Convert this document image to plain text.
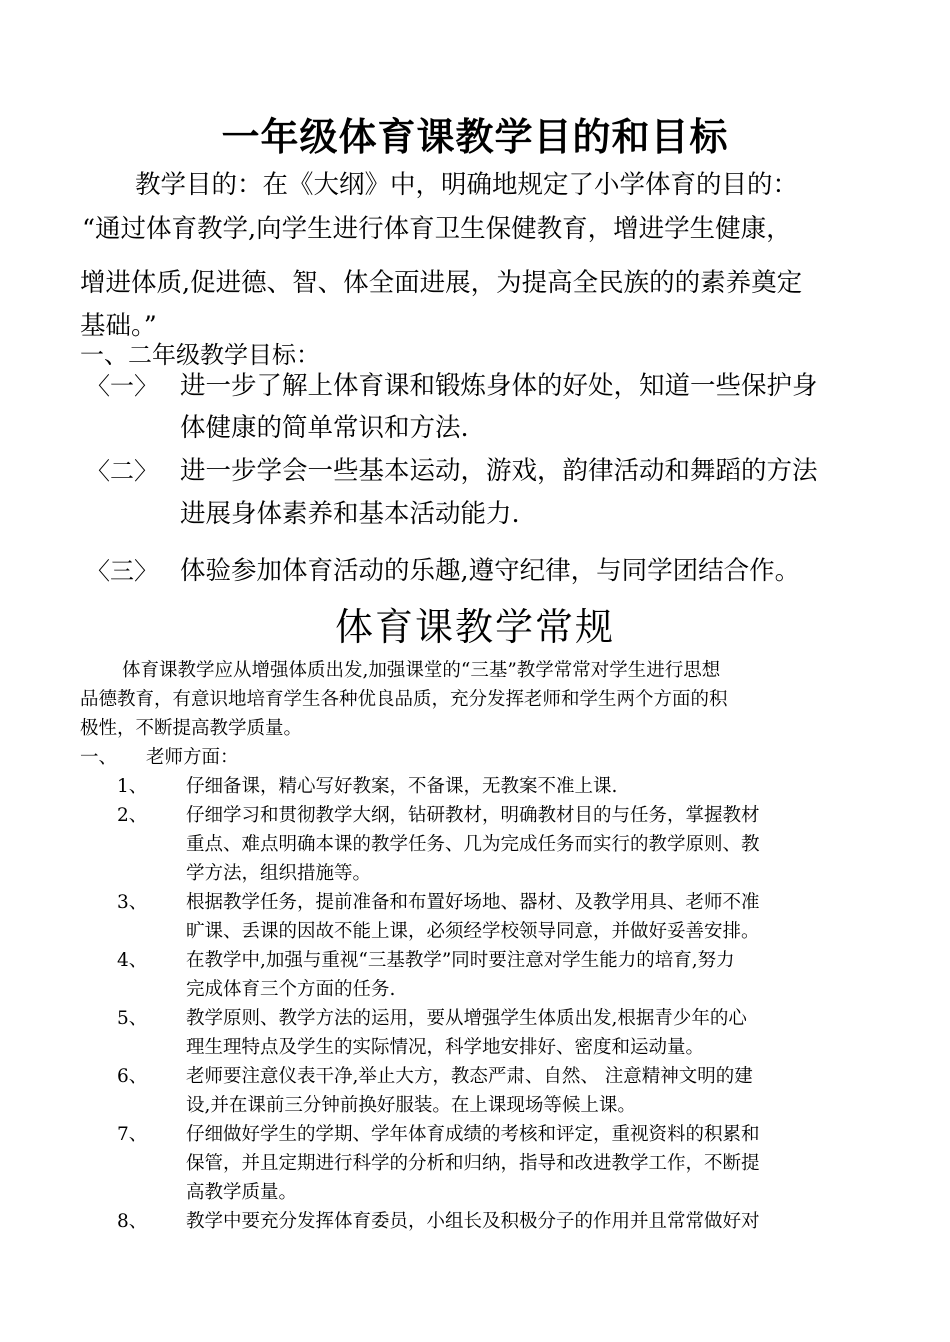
一年级体育课教学目的和目标
教学目的：在《大纲》中，明确地规定了小学体育的目的：
“通过体育教学,向学生进行体育卫生保健教育，增进学生健康，
增进体质,促进德、智、体全面进展，为提高全民族的的素养奠定
基础。”
一、二年级教学目标：
〈一〉 进一步了解上体育课和锻炼身体的好处，知道一些保护身
体健康的简单常识和方法.
〈二〉 进一步学会一些基本运动，游戏，韵律活动和舞蹈的方法
进展身体素养和基本活动能力.
〈三〉 体验参加体育活动的乐趣,遵守纪律，与同学团结合作。
体育课教学常规
体育课教学应从增强体质出发,加强课堂的“三基”教学常常对学生进行思想
品德教育，有意识地培育学生各种优良品质，充分发挥老师和学生两个方面的积
极性，不断提高教学质量。
一、 老师方面：
1、 仔细备课，精心写好教案，不备课，无教案不准上课.
2、 仔细学习和贯彻教学大纲，钻研教材，明确教材目的与任务，掌握教材
重点、难点明确本课的教学任务、几为完成任务而实行的教学原则、教
学方法，组织措施等。
3、 根据教学任务，提前准备和布置好场地、器材、及教学用具、老师不准
旷课、丢课的因故不能上课，必须经学校领导同意，并做好妥善安排。
4、 在教学中,加强与重视“三基教学”同时要注意对学生能力的培育,努力
完成体育三个方面的任务.
5、 教学原则、教学方法的运用，要从增强学生体质出发,根据青少年的心
理生理特点及学生的实际情况，科学地安排好、密度和运动量。
6、 老师要注意仪表干净,举止大方，教态严肃、自然、 注意精神文明的建
设,并在课前三分钟前换好服装。在上课现场等候上课。
7、 仔细做好学生的学期、学年体育成绩的考核和评定，重视资料的积累和
保管，并且定期进行科学的分析和归纳，指导和改进教学工作，不断提
高教学质量。
8、 教学中要充分发挥体育委员，小组长及积极分子的作用并且常常做好对
